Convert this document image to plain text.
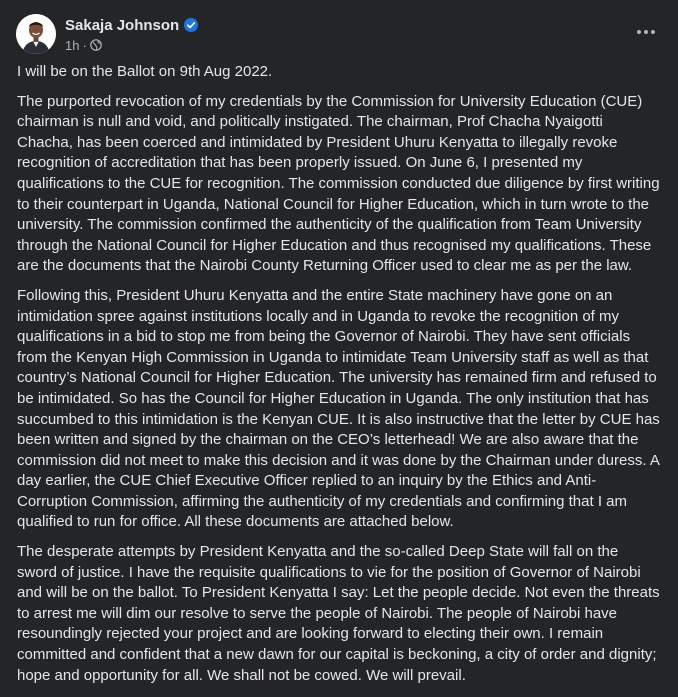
Sakaja Johnson
1h ·

I will be on the Ballot on 9th Aug 2022.

The purported revocation of my credentials by the Commission for University Education (CUE) chairman is null and void, and politically instigated. The chairman, Prof Chacha Nyaigotti Chacha, has been coerced and intimidated by President Uhuru Kenyatta to illegally revoke recognition of accreditation that has been properly issued. On June 6, I presented my qualifications to the CUE for recognition. The commission conducted due diligence by first writing to their counterpart in Uganda, National Council for Higher Education, which in turn wrote to the university. The commission confirmed the authenticity of the qualification from Team University through the National Council for Higher Education and thus recognised my qualifications. These are the documents that the Nairobi County Returning Officer used to clear me as per the law.

Following this, President Uhuru Kenyatta and the entire State machinery have gone on an intimidation spree against institutions locally and in Uganda to revoke the recognition of my qualifications in a bid to stop me from being the Governor of Nairobi. They have sent officials from the Kenyan High Commission in Uganda to intimidate Team University staff as well as that country’s National Council for Higher Education. The university has remained firm and refused to be intimidated. So has the Council for Higher Education in Uganda. The only institution that has succumbed to this intimidation is the Kenyan CUE. It is also instructive that the letter by CUE has been written and signed by the chairman on the CEO’s letterhead! We are also aware that the commission did not meet to make this decision and it was done by the Chairman under duress. A day earlier, the CUE Chief Executive Officer replied to an inquiry by the Ethics and Anti-Corruption Commission, affirming the authenticity of my credentials and confirming that I am qualified to run for office. All these documents are attached below.

The desperate attempts by President Kenyatta and the so-called Deep State will fall on the sword of justice. I have the requisite qualifications to vie for the position of Governor of Nairobi and will be on the ballot. To President Kenyatta I say: Let the people decide. Not even the threats to arrest me will dim our resolve to serve the people of Nairobi. The people of Nairobi have resoundingly rejected your project and are looking forward to electing their own. I remain committed and confident that a new dawn for our capital is beckoning, a city of order and dignity; hope and opportunity for all. We shall not be cowed. We will prevail.
